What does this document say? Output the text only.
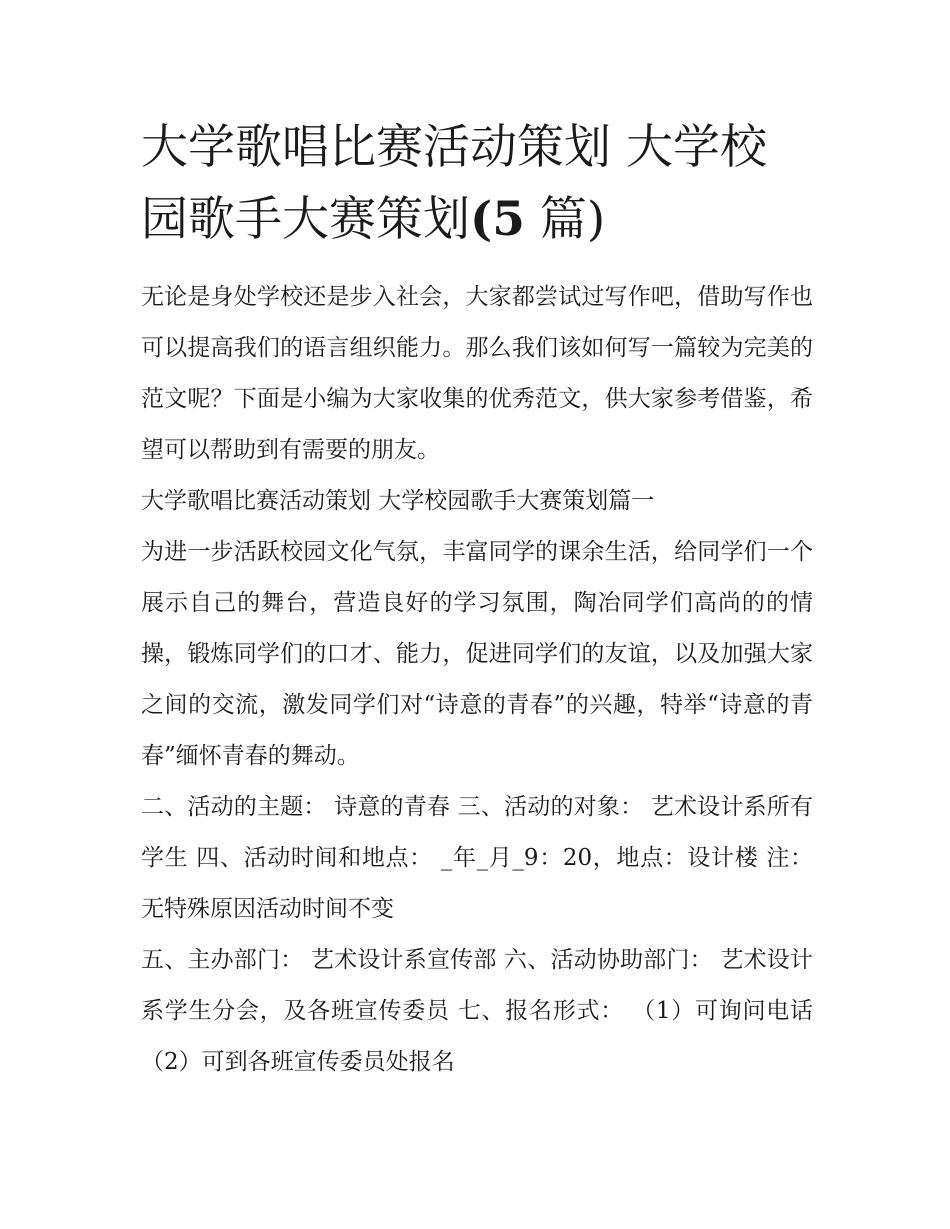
大学歌唱比赛活动策划 大学校园歌手大赛策划(5 篇)

无论是身处学校还是步入社会，大家都尝试过写作吧，借助写作也可以提高我们的语言组织能力。那么我们该如何写一篇较为完美的范文呢？下面是小编为大家收集的优秀范文，供大家参考借鉴，希望可以帮助到有需要的朋友。

大学歌唱比赛活动策划 大学校园歌手大赛策划篇一

为进一步活跃校园文化气氛，丰富同学的课余生活，给同学们一个展示自己的舞台，营造良好的学习氛围，陶冶同学们高尚的的情操，锻炼同学们的口才、能力，促进同学们的友谊，以及加强大家之间的交流，激发同学们对“诗意的青春”的兴趣，特举“诗意的青春”缅怀青春的舞动。

二、活动的主题： 诗意的青春 三、活动的对象： 艺术设计系所有学生 四、活动时间和地点： _年_月_9：20，地点：设计楼 注：无特殊原因活动时间不变

五、主办部门： 艺术设计系宣传部 六、活动协助部门： 艺术设计系学生分会，及各班宣传委员 七、报名形式： （1）可询问电话 （2）可到各班宣传委员处报名
